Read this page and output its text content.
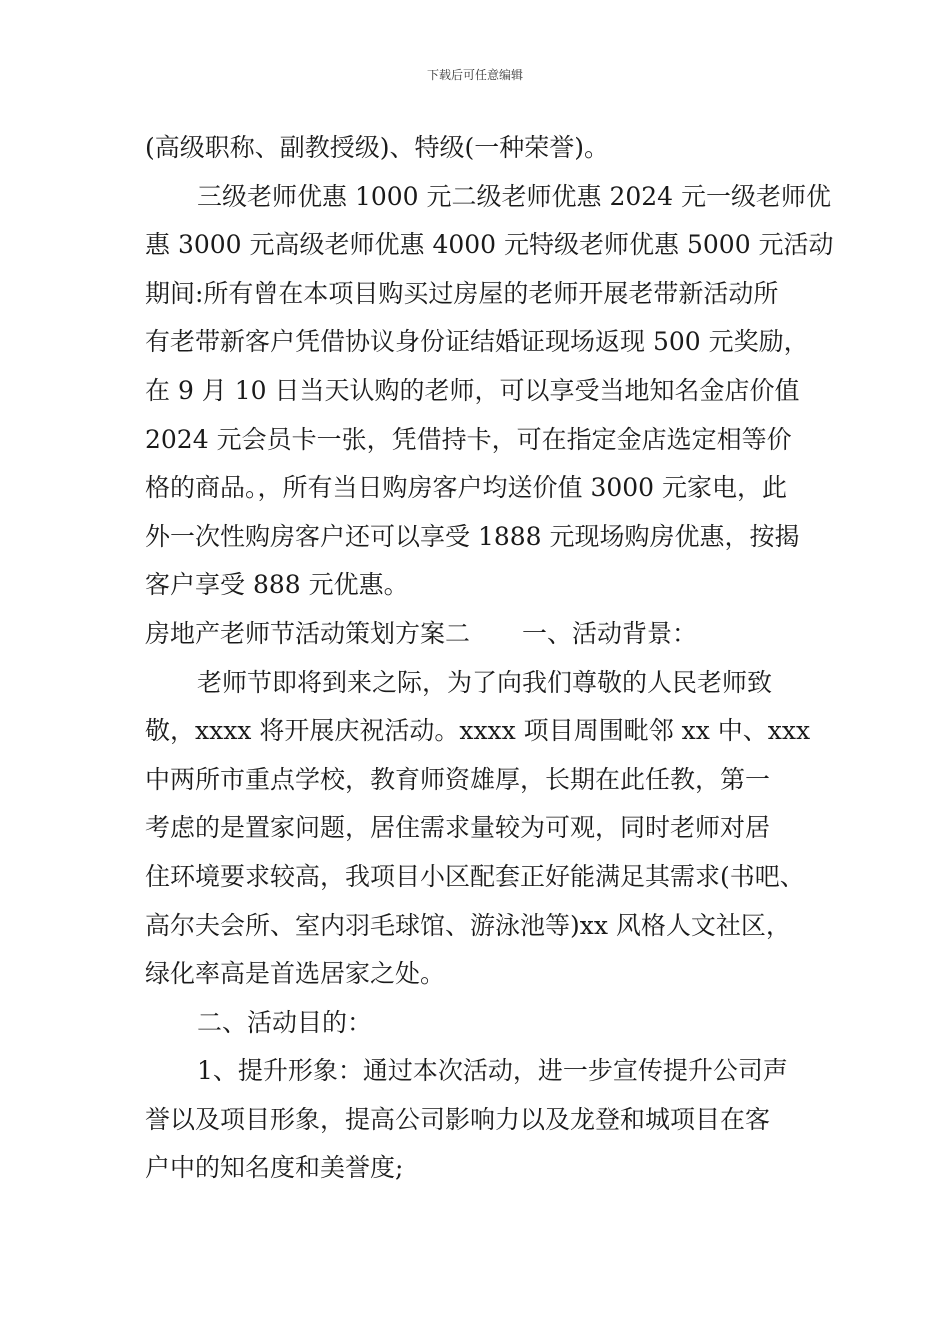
下载后可任意编辑
(高级职称、副教授级)、特级(一种荣誉)。
三级老师优惠 1000 元二级老师优惠 2024 元一级老师优
惠 3000 元高级老师优惠 4000 元特级老师优惠 5000 元活动
期间:所有曾在本项目购买过房屋的老师开展老带新活动所
有老带新客户凭借协议身份证结婚证现场返现 500 元奖励，
在 9 月 10 日当天认购的老师，可以享受当地知名金店价值
2024 元会员卡一张，凭借持卡，可在指定金店选定相等价
格的商品。，所有当日购房客户均送价值 3000 元家电，此
外一次性购房客户还可以享受 1888 元现场购房优惠，按揭
客户享受 888 元优惠。
房地产老师节活动策划方案二 一、活动背景：
老师节即将到来之际，为了向我们尊敬的人民老师致
敬，xxxx 将开展庆祝活动。xxxx 项目周围毗邻 xx 中、xxx
中两所市重点学校，教育师资雄厚，长期在此任教，第一
考虑的是置家问题，居住需求量较为可观，同时老师对居
住环境要求较高，我项目小区配套正好能满足其需求(书吧、
高尔夫会所、室内羽毛球馆、游泳池等)xx 风格人文社区，
绿化率高是首选居家之处。
二、活动目的：
1、提升形象：通过本次活动，进一步宣传提升公司声
誉以及项目形象，提高公司影响力以及龙登和城项目在客
户中的知名度和美誉度;
